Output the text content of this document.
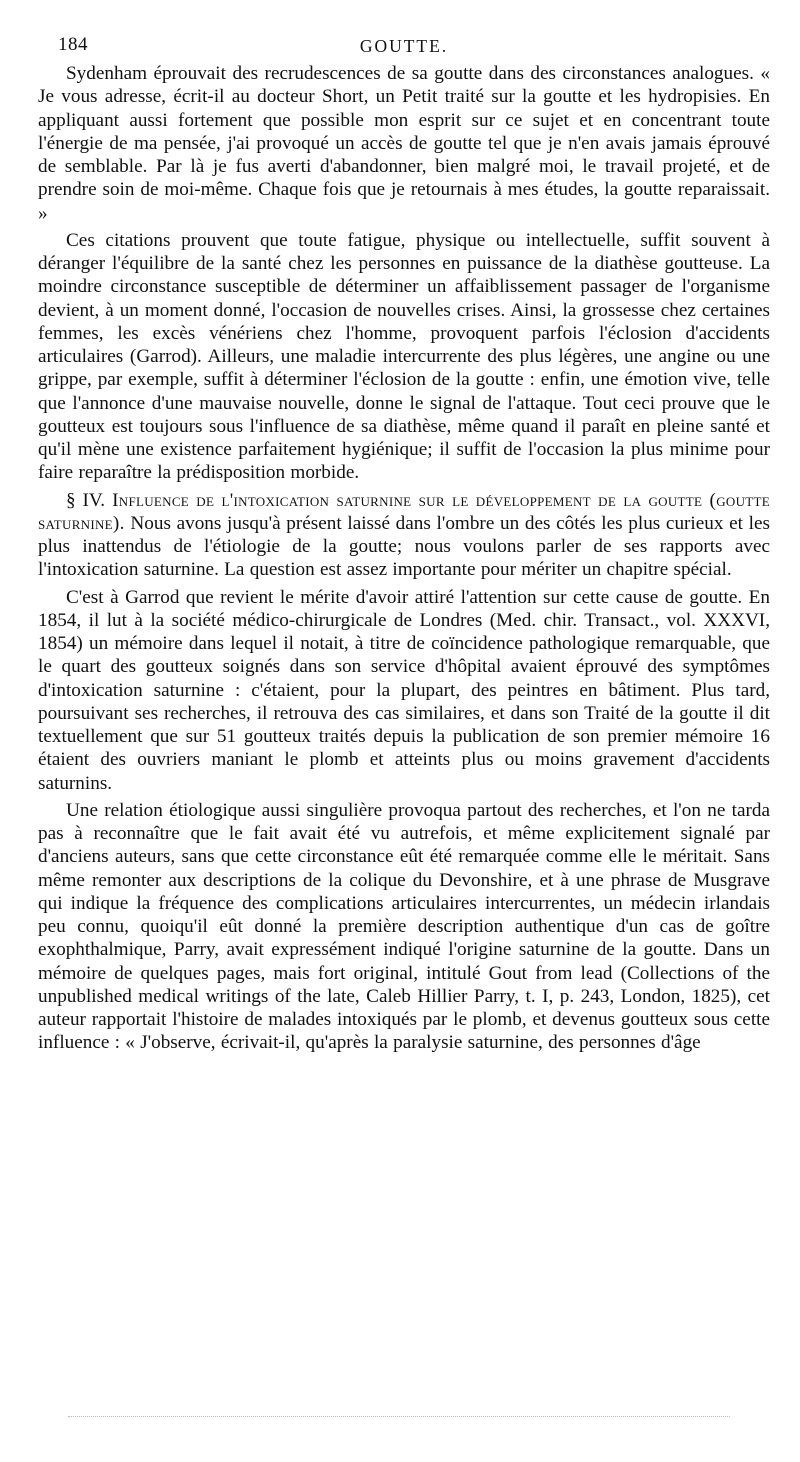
184	GOUTTE.

Sydenham éprouvait des recrudescences de sa goutte dans des circonstances analogues. « Je vous adresse, écrit-il au docteur Short, un Petit traité sur la goutte et les hydropisies. En appliquant aussi fortement que possible mon esprit sur ce sujet et en concentrant toute l'énergie de ma pensée, j'ai provoqué un accès de goutte tel que je n'en avais jamais éprouvé de semblable. Par là je fus averti d'abandonner, bien malgré moi, le travail projeté, et de prendre soin de moi-même. Chaque fois que je retournais à mes études, la goutte reparaissait. »

Ces citations prouvent que toute fatigue, physique ou intellectuelle, suffit souvent à déranger l'équilibre de la santé chez les personnes en puissance de la diathèse goutteuse. La moindre circonstance susceptible de déterminer un affaiblissement passager de l'organisme devient, à un moment donné, l'occasion de nouvelles crises. Ainsi, la grossesse chez certaines femmes, les excès vénériens chez l'homme, provoquent parfois l'éclosion d'accidents articulaires (Garrod). Ailleurs, une maladie intercurrente des plus légères, une angine ou une grippe, par exemple, suffit à déterminer l'éclosion de la goutte : enfin, une émotion vive, telle que l'annonce d'une mauvaise nouvelle, donne le signal de l'attaque. Tout ceci prouve que le goutteux est toujours sous l'influence de sa diathèse, même quand il paraît en pleine santé et qu'il mène une existence parfaitement hygiénique; il suffit de l'occasion la plus minime pour faire reparaître la prédisposition morbide.

§ IV. Influence de l'intoxication saturnine sur le développement de la goutte (goutte saturnine). Nous avons jusqu'à présent laissé dans l'ombre un des côtés les plus curieux et les plus inattendus de l'étiologie de la goutte; nous voulons parler de ses rapports avec l'intoxication saturnine. La question est assez importante pour mériter un chapitre spécial.

C'est à Garrod que revient le mérite d'avoir attiré l'attention sur cette cause de goutte. En 1854, il lut à la société médico-chirurgicale de Londres (Med. chir. Transact., vol. XXXVI, 1854) un mémoire dans lequel il notait, à titre de coïncidence pathologique remarquable, que le quart des goutteux soignés dans son service d'hôpital avaient éprouvé des symptômes d'intoxication saturnine : c'étaient, pour la plupart, des peintres en bâtiment. Plus tard, poursuivant ses recherches, il retrouva des cas similaires, et dans son Traité de la goutte il dit textuellement que sur 51 goutteux traités depuis la publication de son premier mémoire 16 étaient des ouvriers maniant le plomb et atteints plus ou moins gravement d'accidents saturnins.

Une relation étiologique aussi singulière provoqua partout des recherches, et l'on ne tarda pas à reconnaître que le fait avait été vu autrefois, et même explicitement signalé par d'anciens auteurs, sans que cette circonstance eût été remarquée comme elle le méritait. Sans même remonter aux descriptions de la colique du Devonshire, et à une phrase de Musgrave qui indique la fréquence des complications articulaires intercurrentes, un médecin irlandais peu connu, quoiqu'il eût donné la première description authentique d'un cas de goître exophthalmique, Parry, avait expressément indiqué l'origine saturnine de la goutte. Dans un mémoire de quelques pages, mais fort original, intitulé Gout from lead (Collections of the unpublished medical writings of the late, Caleb Hillier Parry, t. I, p. 243, London, 1825), cet auteur rapportait l'histoire de malades intoxiqués par le plomb, et devenus goutteux sous cette influence : « J'observe, écrivait-il, qu'après la paralysie saturnine, des personnes d'âge
